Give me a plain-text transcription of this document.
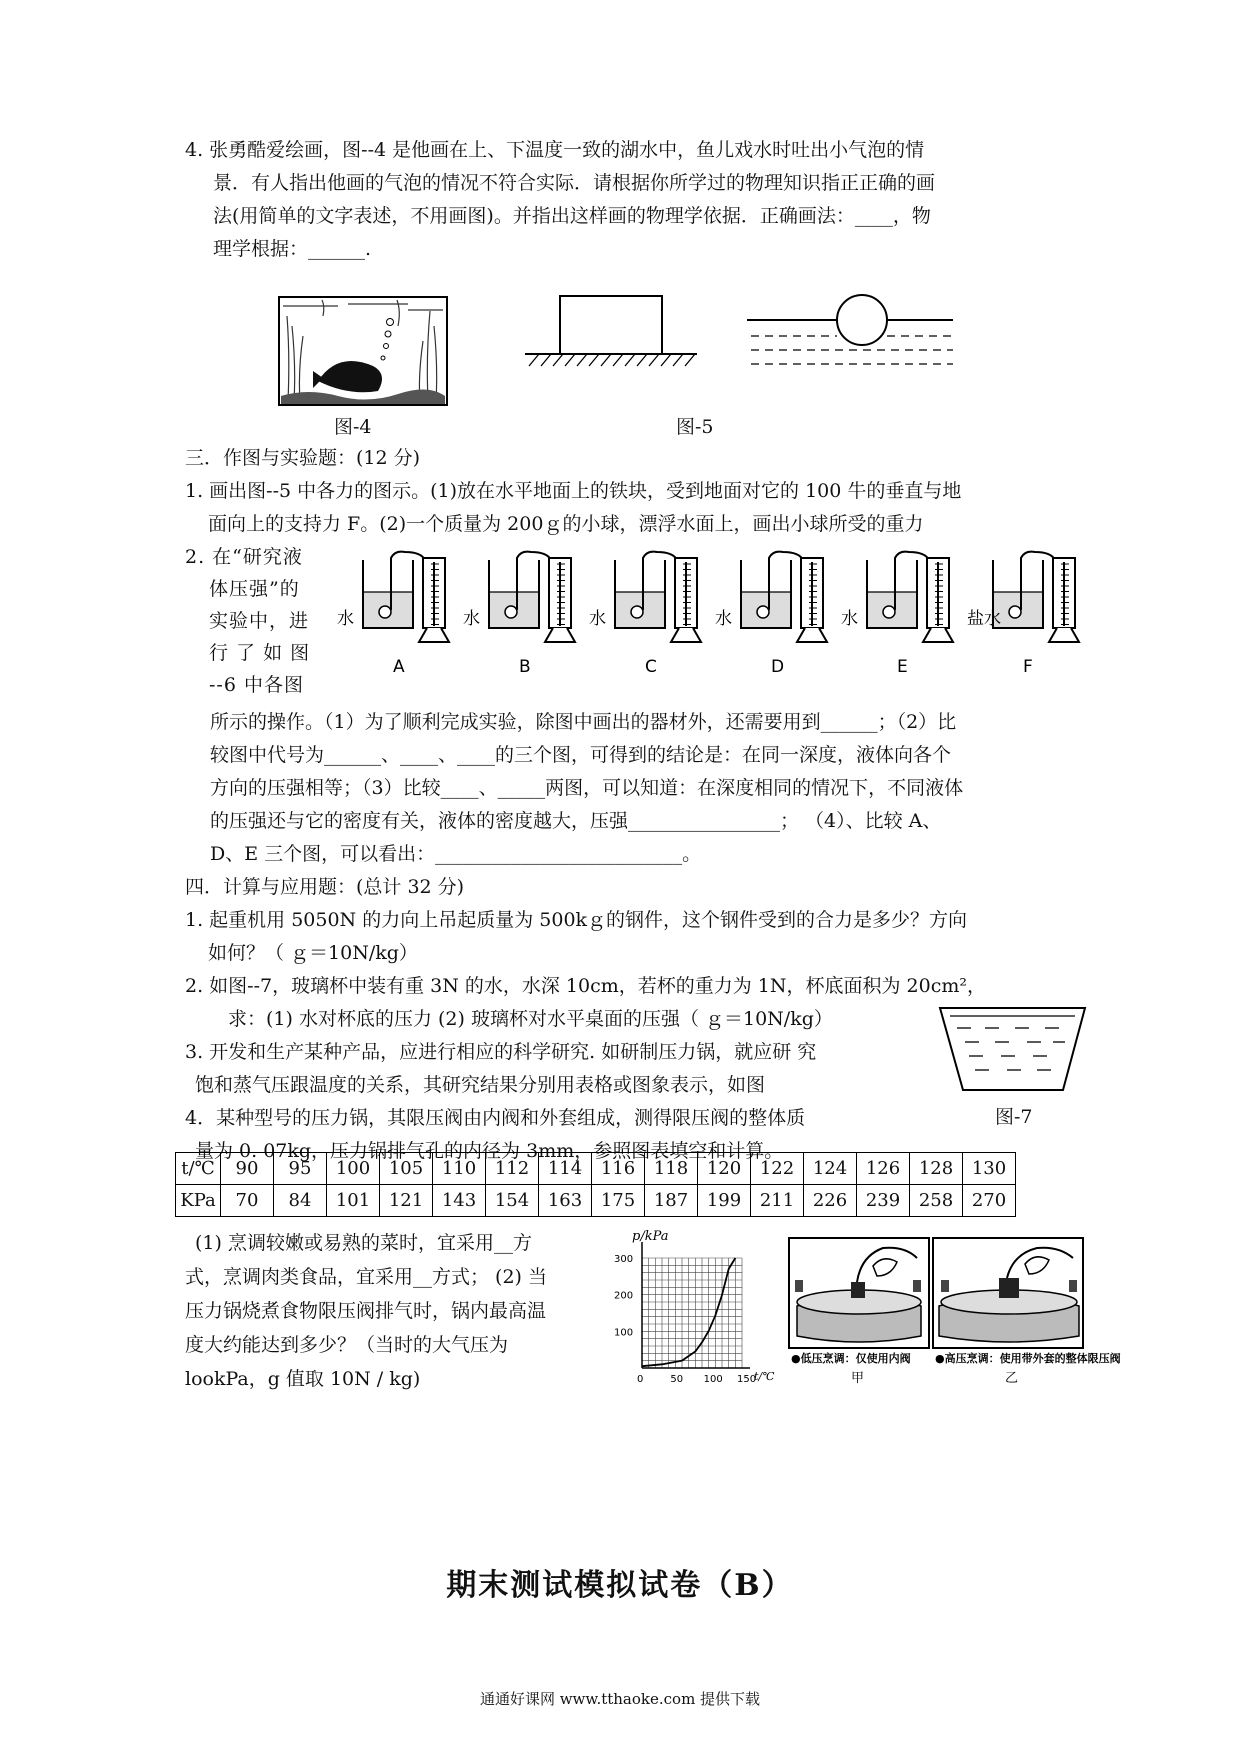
4. 张勇酷爱绘画，图--4 是他画在上、下温度一致的湖水中，鱼儿戏水时吐出小气泡的情
景．有人指出他画的气泡的情况不符合实际．请根据你所学过的物理知识指正正确的画
法(用简单的文字表述，不用画图)。并指出这样画的物理学依据．正确画法：____，物
理学根据：______.
图-4	图-5
三．作图与实验题：(12 分)
1. 画出图--5 中各力的图示。(1)放在水平地面上的铁块，受到地面对它的 100 牛的垂直与地
面向上的支持力 F。(2)一个质量为 200ｇ的小球，漂浮水面上，画出小球所受的重力
2. 在“研究液
体压强”的
实验中，进
行 了 如 图
--6 中各图
水
A
水
B
水
C
水
D
水
E
盐水
F
所示的操作。（1）为了顺利完成实验，除图中画出的器材外，还需要用到______；（2）比
较图中代号为______、____、____的三个图，可得到的结论是：在同一深度，液体向各个
方向的压强相等；（3）比较____、_____两图，可以知道：在深度相同的情况下，不同液体
的压强还与它的密度有关，液体的密度越大，压强________________； （4）、比较 A、
D、E 三个图，可以看出：__________________________。
四．计算与应用题：(总计 32 分)
1. 起重机用 5050N 的力向上吊起质量为 500kｇ的钢件，这个钢件受到的合力是多少？方向
如何？（ ｇ＝10N/kg）
2. 如图--7，玻璃杯中装有重 3N 的水，水深 10cm，若杯的重力为 1N，杯底面积为 20cm²，
求：(1) 水对杯底的压力 (2) 玻璃杯对水平桌面的压强（ ｇ＝10N/kg）
3. 开发和生产某种产品，应进行相应的科学研究. 如研制压力锅，就应研 究
饱和蒸气压跟温度的关系，其研究结果分别用表格或图象表示，如图
4．某种型号的压力锅，其限压阀由内阀和外套组成，测得限压阀的整体质
量为 0. 07kg，压力锅排气孔的内径为 3mm，参照图表填空和计算。
图-7
t/℃	90	95	100	105	110	112	114	116	118	120	122	124	126	128	130
KPa	70	84	101	121	143	154	163	175	187	199	211	226	239	258	270
(1) 烹调较嫩或易熟的菜时，宜采用__方
式，烹调肉类食品，宜采用__方式； (2) 当
压力锅烧煮食物限压阀排气时，锅内最高温
度大约能达到多少？（当时的大气压为
lookPa，g 值取 10N / kg)
p/kPa
t/℃
0	50 100 150
100
200
300
●低压烹调：仅使用内阀 ●高压烹调：使用带外套的整体限压阀
甲	乙
期末测试模拟试卷（B）
通通好课网 www.tthaoke.com 提供下载
